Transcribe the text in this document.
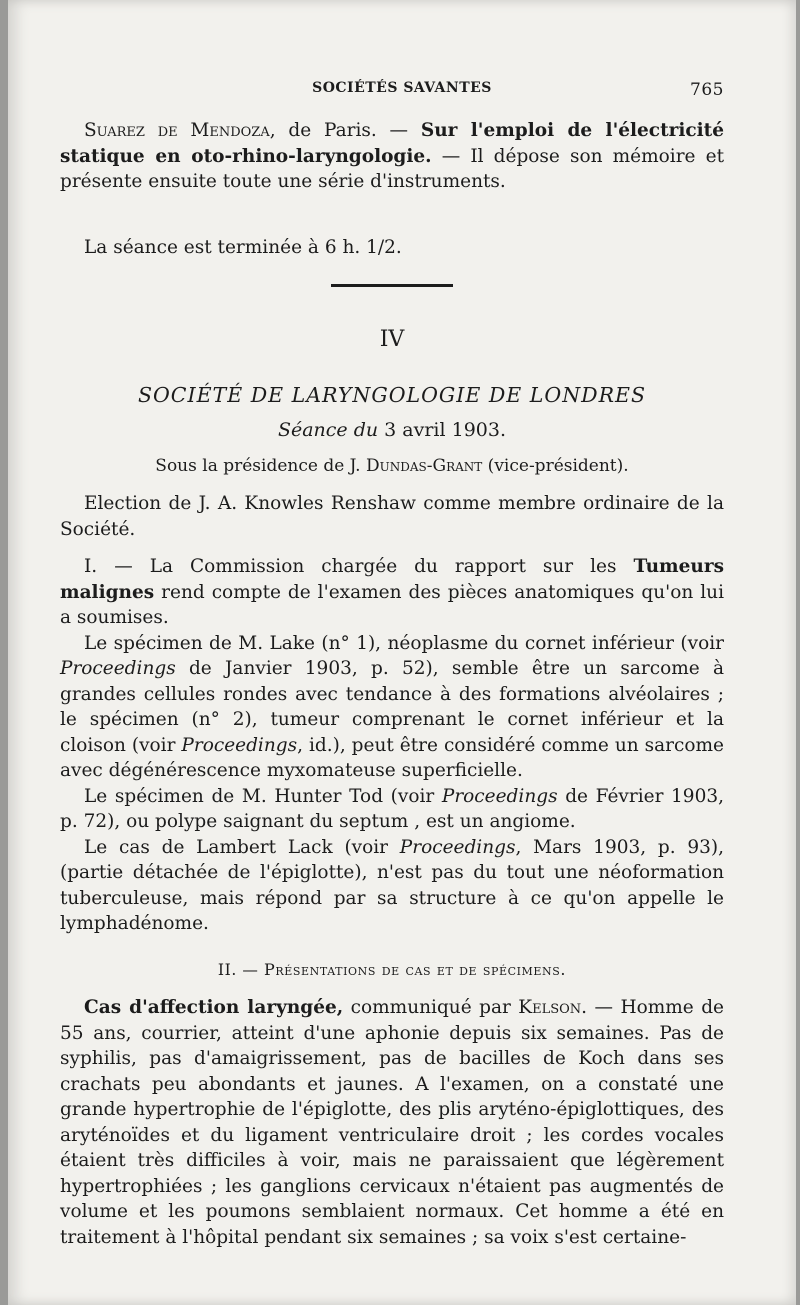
SOCIÉTÉS SAVANTES	765

Suarez de Mendoza, de Paris. — Sur l'emploi de l'électricité statique en oto-rhino-laryngologie. — Il dépose son mémoire et présente ensuite toute une série d'instruments.

La séance est terminée à 6 h. 1/2.

IV
SOCIÉTÉ DE LARYNGOLOGIE DE LONDRES
Séance du 3 avril 1903.
Sous la présidence de J. Dundas-Grant (vice-président).

Election de J. A. Knowles Renshaw comme membre ordinaire de la Société.

I. — La Commission chargée du rapport sur les Tumeurs malignes rend compte de l'examen des pièces anatomiques qu'on lui a soumises.

Le spécimen de M. Lake (n° 1), néoplasme du cornet inférieur (voir Proceedings de Janvier 1903, p. 52), semble être un sarcome à grandes cellules rondes avec tendance à des formations alvéolaires ; le spécimen (n° 2), tumeur comprenant le cornet inférieur et la cloison (voir Proceedings, id.), peut être considéré comme un sarcome avec dégénérescence myxomateuse superficielle.

Le spécimen de M. Hunter Tod (voir Proceedings de Février 1903, p. 72), ou polype saignant du septum , est un angiome.

Le cas de Lambert Lack (voir Proceedings, Mars 1903, p. 93), (partie détachée de l'épiglotte), n'est pas du tout une néoformation tuberculeuse, mais répond par sa structure à ce qu'on appelle le lymphadénome.

II. — Présentations de cas et de spécimens.

Cas d'affection laryngée, communiqué par Kelson. — Homme de 55 ans, courrier, atteint d'une aphonie depuis six semaines. Pas de syphilis, pas d'amaigrissement, pas de bacilles de Koch dans ses crachats peu abondants et jaunes. A l'examen, on a constaté une grande hypertrophie de l'épiglotte, des plis aryténo-épiglottiques, des aryténoïdes et du ligament ventriculaire droit ; les cordes vocales étaient très difficiles à voir, mais ne paraissaient que légèrement hypertrophiées ; les ganglions cervicaux n'étaient pas augmentés de volume et les poumons semblaient normaux. Cet homme a été en traitement à l'hôpital pendant six semaines ; sa voix s'est certaine-
